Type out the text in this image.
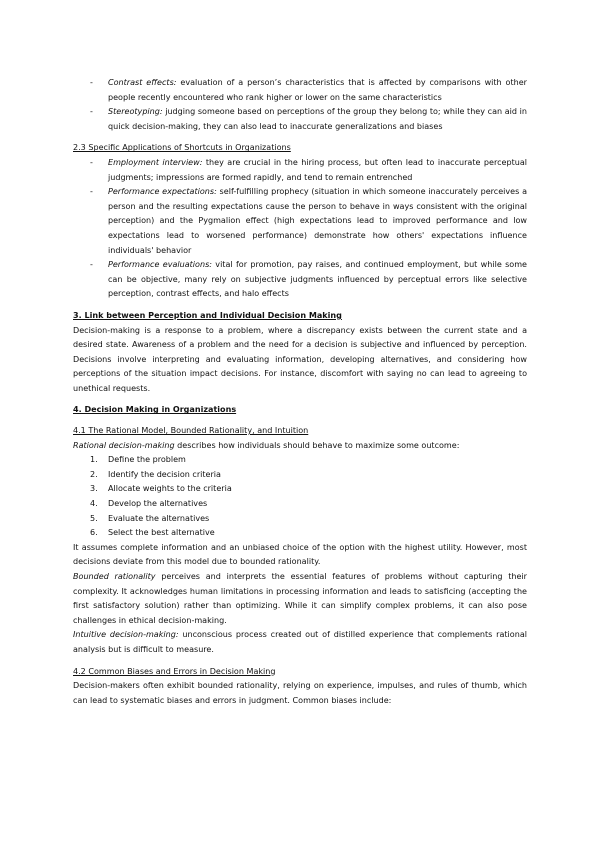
- Contrast effects: evaluation of a person’s characteristics that is affected by comparisons with other people recently encountered who rank higher or lower on the same characteristics
- Stereotyping: judging someone based on perceptions of the group they belong to; while they can aid in quick decision-making, they can also lead to inaccurate generalizations and biases
2.3 Specific Applications of Shortcuts in Organizations
- Employment interview: they are crucial in the hiring process, but often lead to inaccurate perceptual judgments; impressions are formed rapidly, and tend to remain entrenched
- Performance expectations: self-fulfilling prophecy (situation in which someone inaccurately perceives a person and the resulting expectations cause the person to behave in ways consistent with the original perception) and the Pygmalion effect (high expectations lead to improved performance and low expectations lead to worsened performance) demonstrate how others' expectations influence individuals' behavior
- Performance evaluations: vital for promotion, pay raises, and continued employment, but while some can be objective, many rely on subjective judgments influenced by perceptual errors like selective perception, contrast effects, and halo effects
3. Link between Perception and Individual Decision Making
Decision-making is a response to a problem, where a discrepancy exists between the current state and a desired state. Awareness of a problem and the need for a decision is subjective and influenced by perception. Decisions involve interpreting and evaluating information, developing alternatives, and considering how perceptions of the situation impact decisions. For instance, discomfort with saying no can lead to agreeing to unethical requests.
4. Decision Making in Organizations
4.1 The Rational Model, Bounded Rationality, and Intuition
Rational decision-making describes how individuals should behave to maximize some outcome:
1. Define the problem
2. Identify the decision criteria
3. Allocate weights to the criteria
4. Develop the alternatives
5. Evaluate the alternatives
6. Select the best alternative
It assumes complete information and an unbiased choice of the option with the highest utility. However, most decisions deviate from this model due to bounded rationality.
Bounded rationality perceives and interprets the essential features of problems without capturing their complexity. It acknowledges human limitations in processing information and leads to satisficing (accepting the first satisfactory solution) rather than optimizing. While it can simplify complex problems, it can also pose challenges in ethical decision-making.
Intuitive decision-making: unconscious process created out of distilled experience that complements rational analysis but is difficult to measure.
4.2 Common Biases and Errors in Decision Making
Decision-makers often exhibit bounded rationality, relying on experience, impulses, and rules of thumb, which can lead to systematic biases and errors in judgment. Common biases include:
